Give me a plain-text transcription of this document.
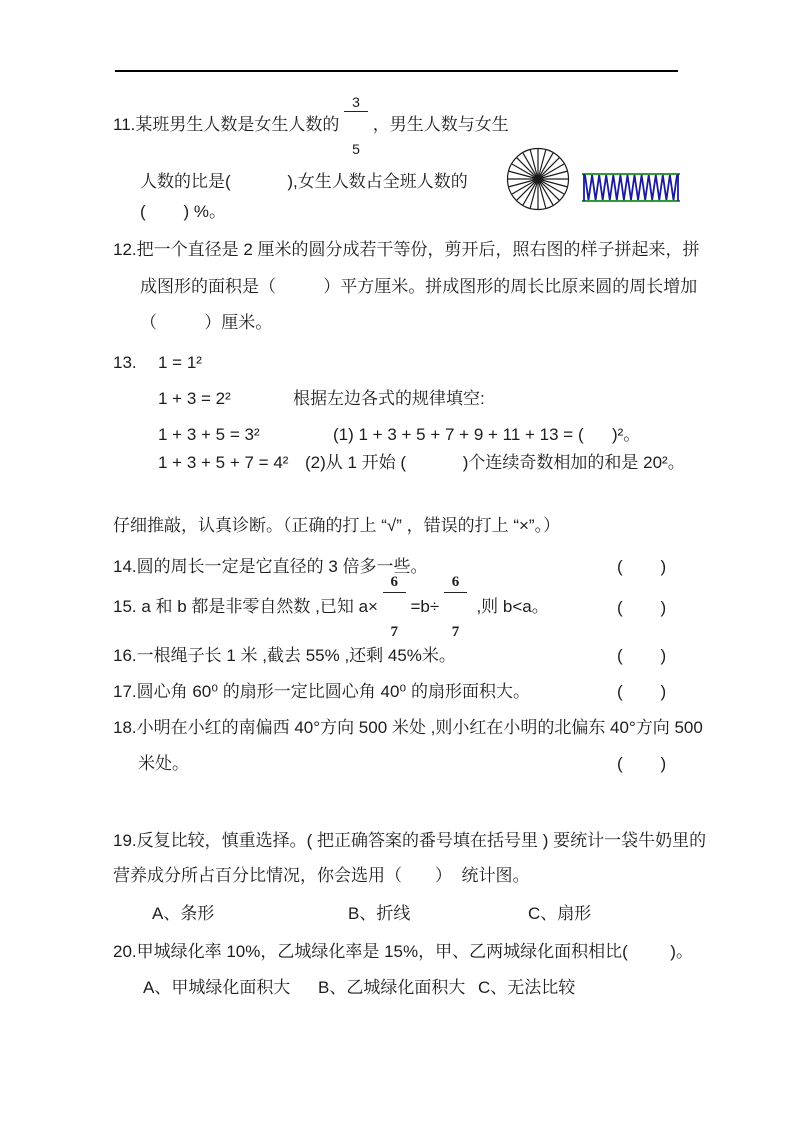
11.某班男生人数是女生人数的

$\frac{3}{5}$

，男生人数与女生
人数的比是(            ),女生人数占全班人数的
(        ) %。
12.把一个直径是 2 厘米的圆分成若干等份，剪开后，照右图的样子拼起来，拼
成图形的面积是（          ）平方厘米。拼成图形的周长比原来圆的周长增加
（          ）厘米。
13. 1 = 1²
1 + 3 = 2²
1 + 3 + 5 = 3²
1 + 3 + 5 + 7 = 4²
根据左边各式的规律填空:
(1) 1 + 3 + 5 + 7 + 9 + 11 + 13 = (      )²。
(2)从 1 开始 (            )个连续奇数相加的和是 20²。
仔细推敲，认真诊断。（正确的打上 “√” ，错误的打上 “×”。）
14.圆的周长一定是它直径的 3 倍多一些。	(        )
15. a 和 b 都是非零自然数 ,已知 a×

$\frac{6}{7}$

=b÷

$\frac{6}{7}$

,则 b<a。	(        )
16.一根绳子长 1 米 ,截去 55% ,还剩 45%米。	(        )
17.圆心角 60⁰ 的扇形一定比圆心角 40⁰ 的扇形面积大。	(        )
18.小明在小红的南偏西 40°方向 500 米处 ,则小红在小明的北偏东 40°方向 500
米处。	(        )
19.反复比较，慎重选择。( 把正确答案的番号填在括号里 ) 要统计一袋牛奶里的
营养成分所占百分比情况，你会选用（       ）  统计图。
A、条形	B、折线	C、扇形
20.甲城绿化率 10%，乙城绿化率是 15%，甲、乙两城绿化面积相比(         )。
A、甲城绿化面积大 B、乙城绿化面积大 C、无法比较
